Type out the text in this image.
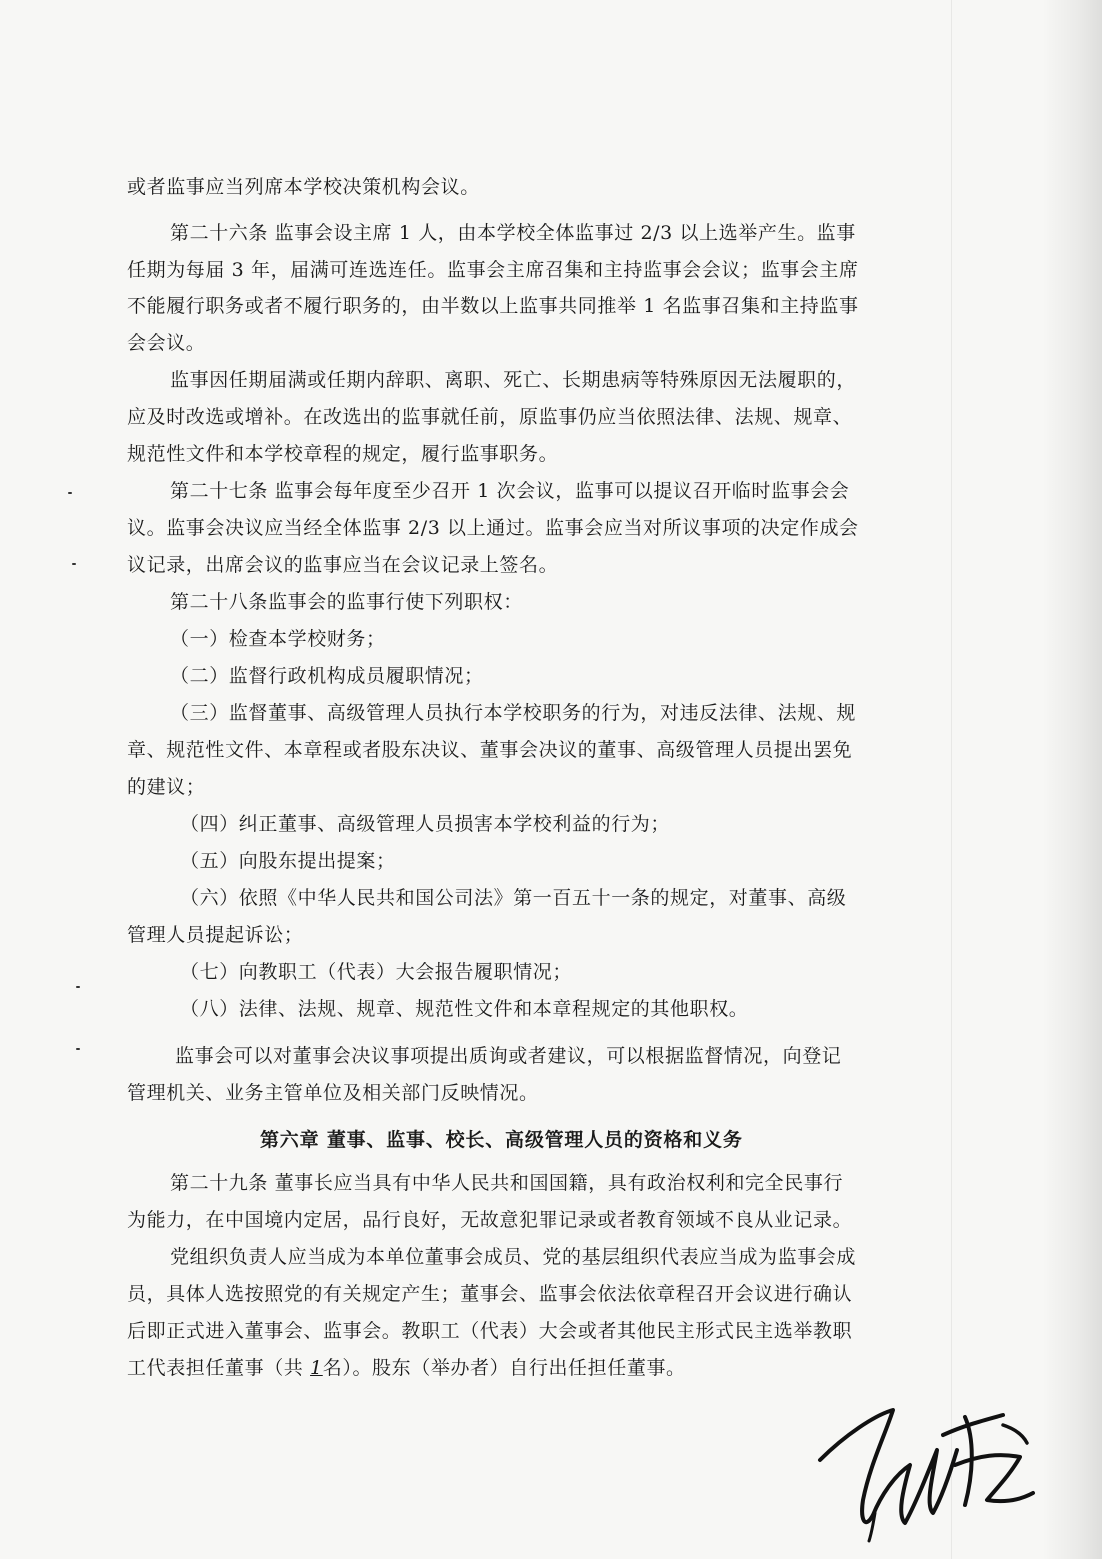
或者监事应当列席本学校决策机构会议。
第二十六条 监事会设主席 1 人，由本学校全体监事过 2/3 以上选举产生。监事
任期为每届 3 年，届满可连选连任。监事会主席召集和主持监事会会议；监事会主席
不能履行职务或者不履行职务的，由半数以上监事共同推举 1 名监事召集和主持监事
会会议。
监事因任期届满或任期内辞职、离职、死亡、长期患病等特殊原因无法履职的，
应及时改选或增补。在改选出的监事就任前，原监事仍应当依照法律、法规、规章、
规范性文件和本学校章程的规定，履行监事职务。
第二十七条 监事会每年度至少召开 1 次会议，监事可以提议召开临时监事会会
议。监事会决议应当经全体监事 2/3 以上通过。监事会应当对所议事项的决定作成会
议记录，出席会议的监事应当在会议记录上签名。
第二十八条监事会的监事行使下列职权：
（一）检查本学校财务；
（二）监督行政机构成员履职情况；
（三）监督董事、高级管理人员执行本学校职务的行为，对违反法律、法规、规
章、规范性文件、本章程或者股东决议、董事会决议的董事、高级管理人员提出罢免
的建议；
（四）纠正董事、高级管理人员损害本学校利益的行为；
（五）向股东提出提案；
（六）依照《中华人民共和国公司法》第一百五十一条的规定，对董事、高级
管理人员提起诉讼；
（七）向教职工（代表）大会报告履职情况；
（八）法律、法规、规章、规范性文件和本章程规定的其他职权。
监事会可以对董事会决议事项提出质询或者建议，可以根据监督情况，向登记
管理机关、业务主管单位及相关部门反映情况。
第六章 董事、监事、校长、高级管理人员的资格和义务
第二十九条 董事长应当具有中华人民共和国国籍，具有政治权利和完全民事行
为能力，在中国境内定居，品行良好，无故意犯罪记录或者教育领域不良从业记录。
党组织负责人应当成为本单位董事会成员、党的基层组织代表应当成为监事会成
员，具体人选按照党的有关规定产生；董事会、监事会依法依章程召开会议进行确认
后即正式进入董事会、监事会。教职工（代表）大会或者其他民主形式民主选举教职
工代表担任董事（共 1名）。股东（举办者）自行出任担任董事。
